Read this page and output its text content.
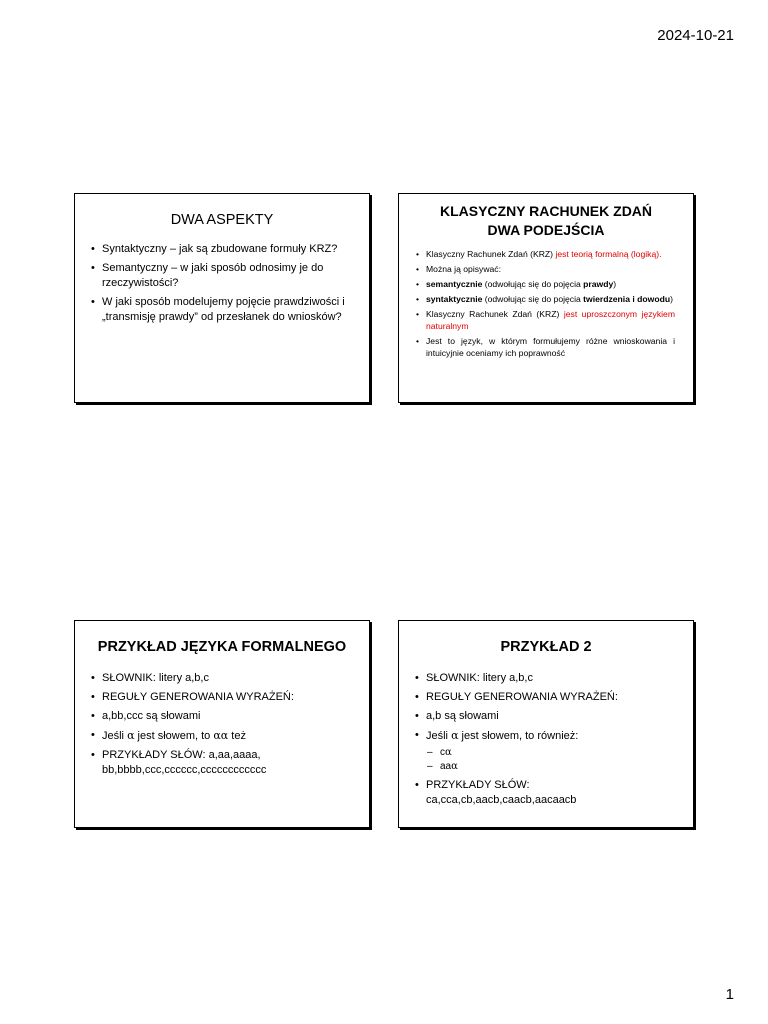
2024-10-21

DWA ASPEKTY

• Syntaktyczny – jak są zbudowane formuły KRZ?
• Semantyczny – w jaki sposób odnosimy je do rzeczywistości?
• W jaki sposób modelujemy pojęcie prawdziwości i „transmisję prawdy” od przesłanek do wniosków?

KLASYCZNY RACHUNEK ZDAŃ
DWA PODEJŚCIA

• Klasyczny Rachunek Zdań (KRZ) jest teorią formalną (logiką).
• Można ją opisywać:
• semantycznie (odwołując się do pojęcia prawdy)
• syntaktycznie (odwołując się do pojęcia twierdzenia i dowodu)
• Klasyczny Rachunek Zdań (KRZ) jest uproszczonym językiem naturalnym
• Jest to język, w którym formułujemy różne wnioskowania i intuicyjnie oceniamy ich poprawność

PRZYKŁAD JĘZYKA FORMALNEGO

• SŁOWNIK: litery a,b,c
• REGUŁY GENEROWANIA WYRAŻEŃ:
• a,bb,ccc są słowami
• Jeśli α jest słowem, to αα też
• PRZYKŁADY SŁÓW: a,aa,aaaa, bb,bbbb,ccc,cccccc,cccccccccccc

PRZYKŁAD 2

• SŁOWNIK: litery a,b,c
• REGUŁY GENEROWANIA WYRAŻEŃ:
• a,b są słowami
• Jeśli α jest słowem, to również:
– cα
– aaα
• PRZYKŁADY SŁÓW: ca,cca,cb,aacb,caacb,aacaacb
1
